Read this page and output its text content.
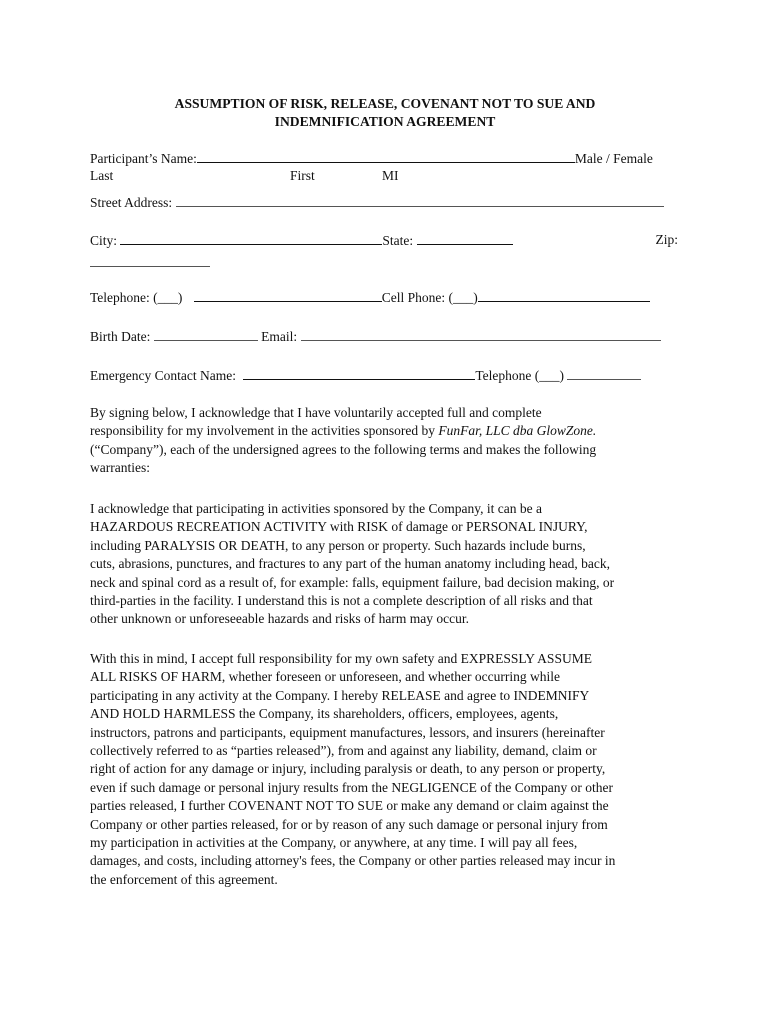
ASSUMPTION OF RISK, RELEASE, COVENANT NOT TO SUE AND
INDEMNIFICATION AGREEMENT
Participant’s Name:	Male / Female
Last	First	MI
Street Address:
City:	State:	Zip:
Telephone: (___)	Cell Phone: (___)
Birth Date:	Email:
Emergency Contact Name:	Telephone (___)
By signing below, I acknowledge that I have voluntarily accepted full and complete
responsibility for my involvement in the activities sponsored by FunFar, LLC dba GlowZone.
(“Company”), each of the undersigned agrees to the following terms and makes the following
warranties:
I acknowledge that participating in activities sponsored by the Company, it can be a
HAZARDOUS RECREATION ACTIVITY with RISK of damage or PERSONAL INJURY,
including PARALYSIS OR DEATH, to any person or property. Such hazards include burns,
cuts, abrasions, punctures, and fractures to any part of the human anatomy including head, back,
neck and spinal cord as a result of, for example: falls, equipment failure, bad decision making, or
third-parties in the facility. I understand this is not a complete description of all risks and that
other unknown or unforeseeable hazards and risks of harm may occur.
With this in mind, I accept full responsibility for my own safety and EXPRESSLY ASSUME
ALL RISKS OF HARM, whether foreseen or unforeseen, and whether occurring while
participating in any activity at the Company. I hereby RELEASE and agree to INDEMNIFY
AND HOLD HARMLESS the Company, its shareholders, officers, employees, agents,
instructors, patrons and participants, equipment manufactures, lessors, and insurers (hereinafter
collectively referred to as “parties released”), from and against any liability, demand, claim or
right of action for any damage or injury, including paralysis or death, to any person or property,
even if such damage or personal injury results from the NEGLIGENCE of the Company or other
parties released, I further COVENANT NOT TO SUE or make any demand or claim against the
Company or other parties released, for or by reason of any such damage or personal injury from
my participation in activities at the Company, or anywhere, at any time. I will pay all fees,
damages, and costs, including attorney's fees, the Company or other parties released may incur in
the enforcement of this agreement.
